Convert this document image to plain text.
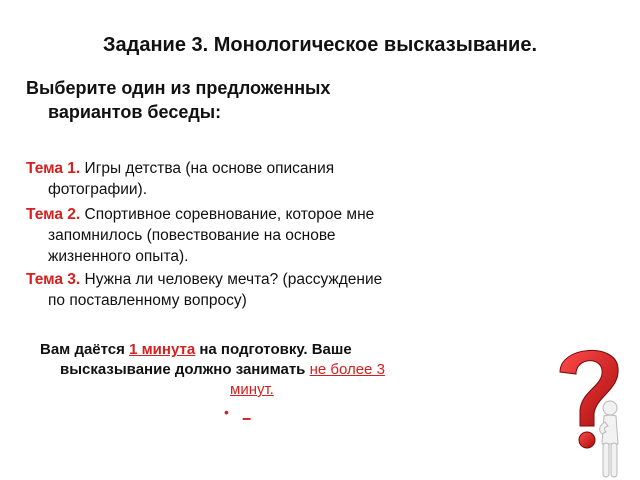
Задание 3. Монологическое высказывание.
Выберите один из предложенных
вариантов беседы:
Тема 1. Игры детства (на основе описания
фотографии).
Тема 2. Спортивное соревнование, которое мне
запомнилось (повествование на основе
жизненного опыта).
Тема 3. Нужна ли человеку мечта? (рассуждение
по поставленному вопросу)
Вам даётся 1 минута на подготовку. Ваше
высказывание должно занимать не более 3
минут.
• _
